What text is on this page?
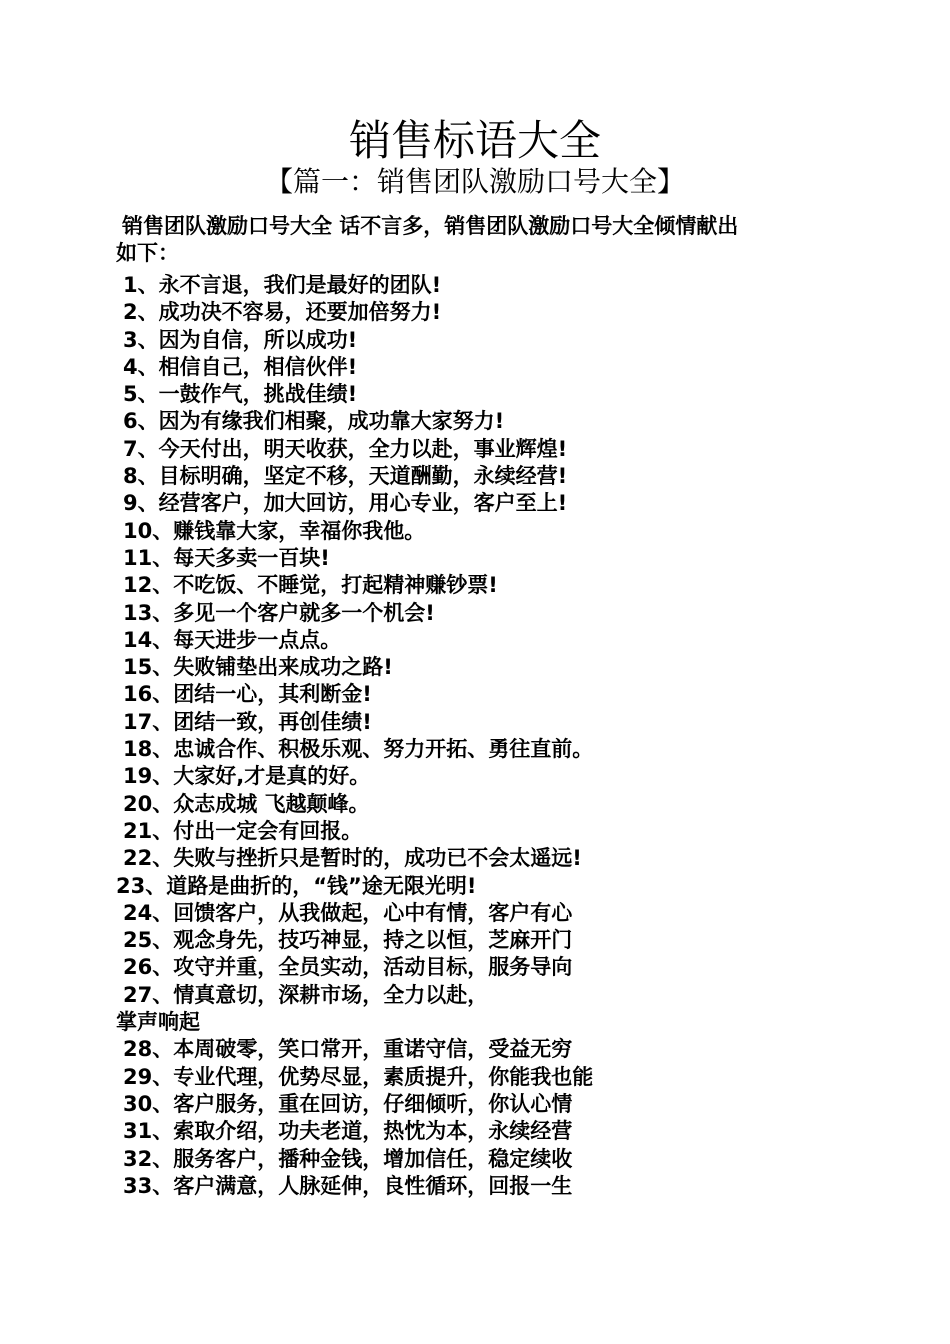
销售标语大全
【篇一：销售团队激励口号大全】
销售团队激励口号大全 话不言多，销售团队激励口号大全倾情献出
如下：
1、永不言退，我们是最好的团队!
2、成功决不容易，还要加倍努力!
3、因为自信，所以成功!
4、相信自己，相信伙伴!
5、一鼓作气，挑战佳绩!
6、因为有缘我们相聚，成功靠大家努力!
7、今天付出，明天收获，全力以赴，事业辉煌!
8、目标明确，坚定不移，天道酬勤，永续经营!
9、经营客户，加大回访，用心专业，客户至上!
10、赚钱靠大家，幸福你我他。
11、每天多卖一百块!
12、不吃饭、不睡觉，打起精神赚钞票!
13、多见一个客户就多一个机会!
14、每天进步一点点。
15、失败铺垫出来成功之路!
16、团结一心，其利断金!
17、团结一致，再创佳绩!
18、忠诚合作、积极乐观、努力开拓、勇往直前。
19、大家好,才是真的好。
20、众志成城 飞越颠峰。
21、付出一定会有回报。
22、失败与挫折只是暂时的，成功已不会太遥远!
23、道路是曲折的，“钱”途无限光明!
24、回馈客户，从我做起，心中有情，客户有心
25、观念身先，技巧神显，持之以恒，芝麻开门
26、攻守并重，全员实动，活动目标，服务导向
27、情真意切，深耕市场，全力以赴，
掌声响起
28、本周破零，笑口常开，重诺守信，受益无穷
29、专业代理，优势尽显，素质提升，你能我也能
30、客户服务，重在回访，仔细倾听，你认心情
31、索取介绍，功夫老道，热忱为本，永续经营
32、服务客户，播种金钱，增加信任，稳定续收
33、客户满意，人脉延伸，良性循环，回报一生
